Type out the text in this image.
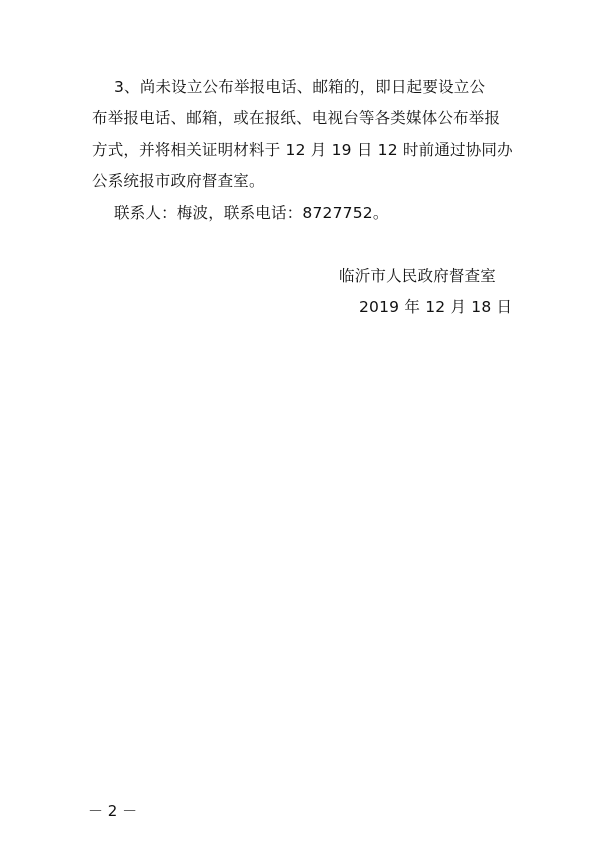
3、尚未设立公布举报电话、邮箱的，即日起要设立公
布举报电话、邮箱，或在报纸、电视台等各类媒体公布举报
方式，并将相关证明材料于 12 月 19 日 12 时前通过协同办
公系统报市政府督查室。
联系人：梅波，联系电话：8727752。
临沂市人民政府督查室
2019 年 12 月 18 日
－ 2 －
